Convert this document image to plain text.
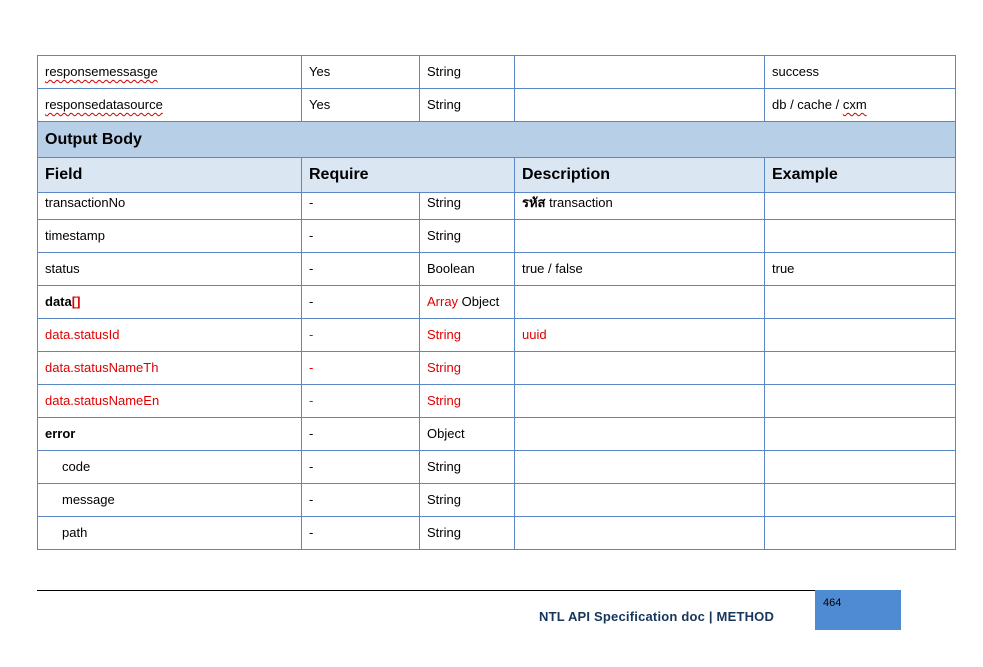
responsemessasge	Yes	String		success
responsedatasource	Yes	String		db / cache / cxm
Output Body				
Field	Require		Description	Example
transactionNo	-	String	รหัส transaction	
timestamp	-	String		
status	-	Boolean	true / false	true
data[]	-	Array Object		
data.statusId	-	String	uuid	
data.statusNameTh	-	String		
data.statusNameEn	-	String		
error	-	Object		
code	-	String		
message	-	String		
path	-	String		
NTL API Specification doc | METHOD
464
